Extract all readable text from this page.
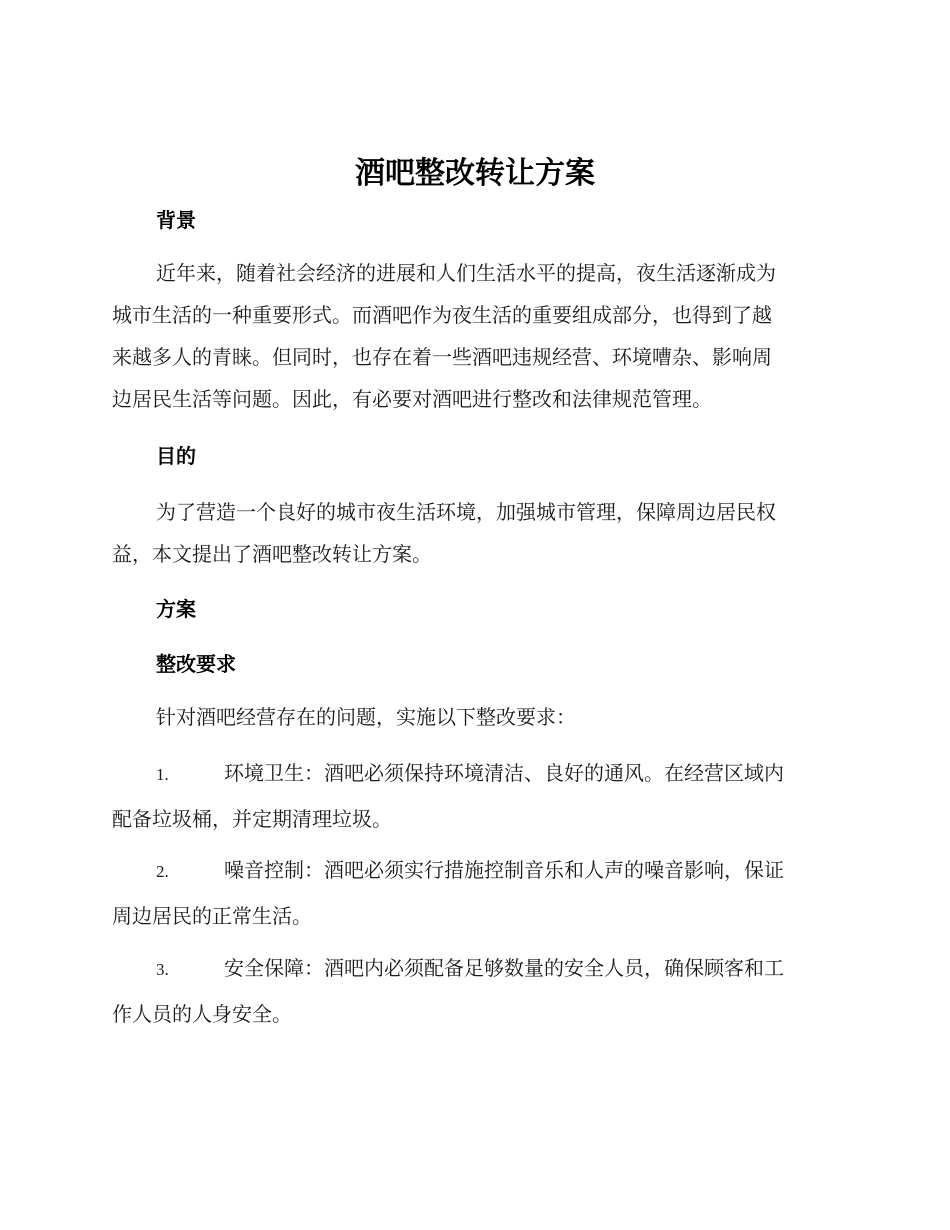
酒吧整改转让方案
背景
近年来，随着社会经济的进展和人们生活水平的提高，夜生活逐渐成为
城市生活的一种重要形式。而酒吧作为夜生活的重要组成部分，也得到了越
来越多人的青睐。但同时，也存在着一些酒吧违规经营、环境嘈杂、影响周
边居民生活等问题。因此，有必要对酒吧进行整改和法律规范管理。
目的
为了营造一个良好的城市夜生活环境，加强城市管理，保障周边居民权
益，本文提出了酒吧整改转让方案。
方案
整改要求
针对酒吧经营存在的问题，实施以下整改要求：
1.	环境卫生：酒吧必须保持环境清洁、良好的通风。在经营区域内
配备垃圾桶，并定期清理垃圾。
2.	噪音控制：酒吧必须实行措施控制音乐和人声的噪音影响，保证
周边居民的正常生活。
3.	安全保障：酒吧内必须配备足够数量的安全人员，确保顾客和工
作人员的人身安全。
